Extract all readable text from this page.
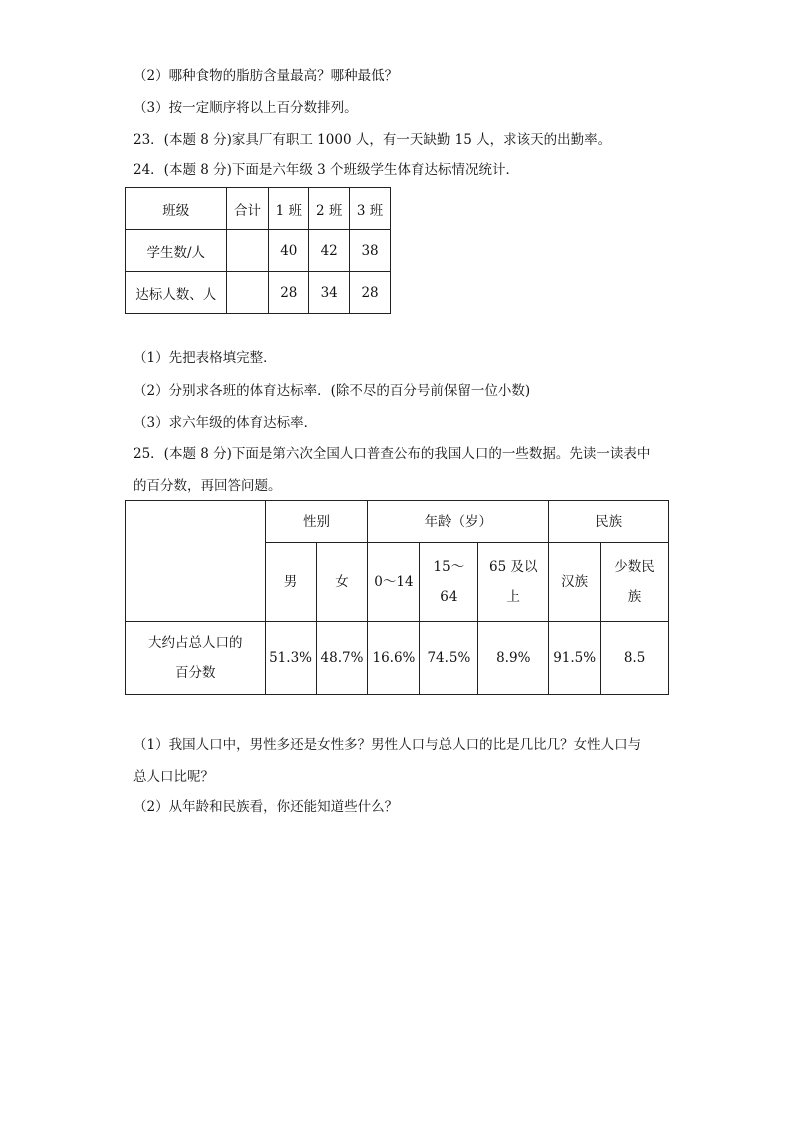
（2）哪种食物的脂肪含量最高？哪种最低？
（3）按一定顺序将以上百分数排列。
23．(本题 8 分)家具厂有职工 1000 人，有一天缺勤 15 人，求该天的出勤率。
24．(本题 8 分)下面是六年级 3 个班级学生体育达标情况统计．
班级	合计	1 班	2 班	3 班
学生数/人		40	42	38
达标人数、人		28	34	28
（1）先把表格填完整．
（2）分别求各班的体育达标率．(除不尽的百分号前保留一位小数)
（3）求六年级的体育达标率．
25．(本题 8 分)下面是第六次全国人口普查公布的我国人口的一些数据。先读一读表中
的百分数，再回答问题。
	性别		年龄（岁）			民族	
	男	女	0～14	15～64	65 及以上	汉族	少数民族
大约占总人口的百分数	51.3%	48.7%	16.6%	74.5%	8.9%	91.5%	8.5
（1）我国人口中，男性多还是女性多？男性人口与总人口的比是几比几？女性人口与
总人口比呢？
（2）从年龄和民族看，你还能知道些什么？
